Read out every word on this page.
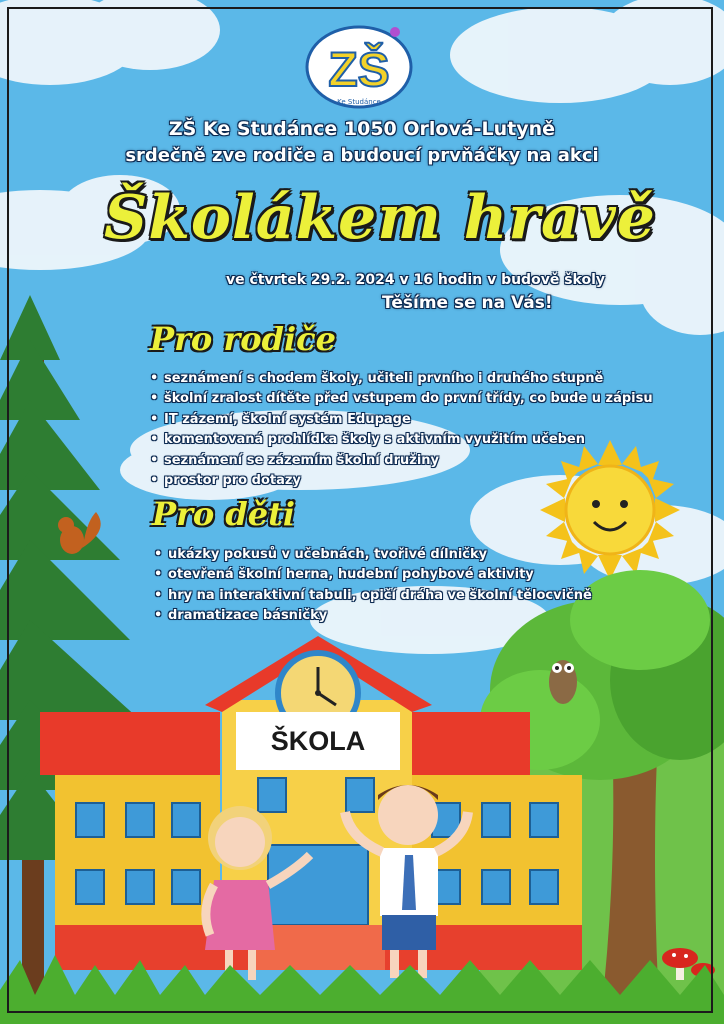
ZŠ
Ke Studánce
ZŠ Ke Studánce 1050 Orlová-Lutyně
srdečně zve rodiče a budoucí prvňáčky na akci
Školákem hravě
ve čtvrtek 29.2. 2024 v 16 hodin v budově školy
Těšíme se na Vás!
Pro rodiče
• seznámení s chodem školy, učiteli prvního i druhého stupně
• školní zralost dítěte před vstupem do první třídy, co bude u zápisu
• IT zázemí, školní systém Edupage
• komentovaná prohlídka školy s aktivním využitím učeben
• seznámení se zázemím školní družiny
• prostor pro dotazy
Pro děti
• ukázky pokusů v učebnách, tvořivé dílničky
• otevřená školní herna, hudební pohybové aktivity
• hry na interaktivní tabuli, opičí dráha ve školní tělocvičně
• dramatizace básničky
ŠKOLA
